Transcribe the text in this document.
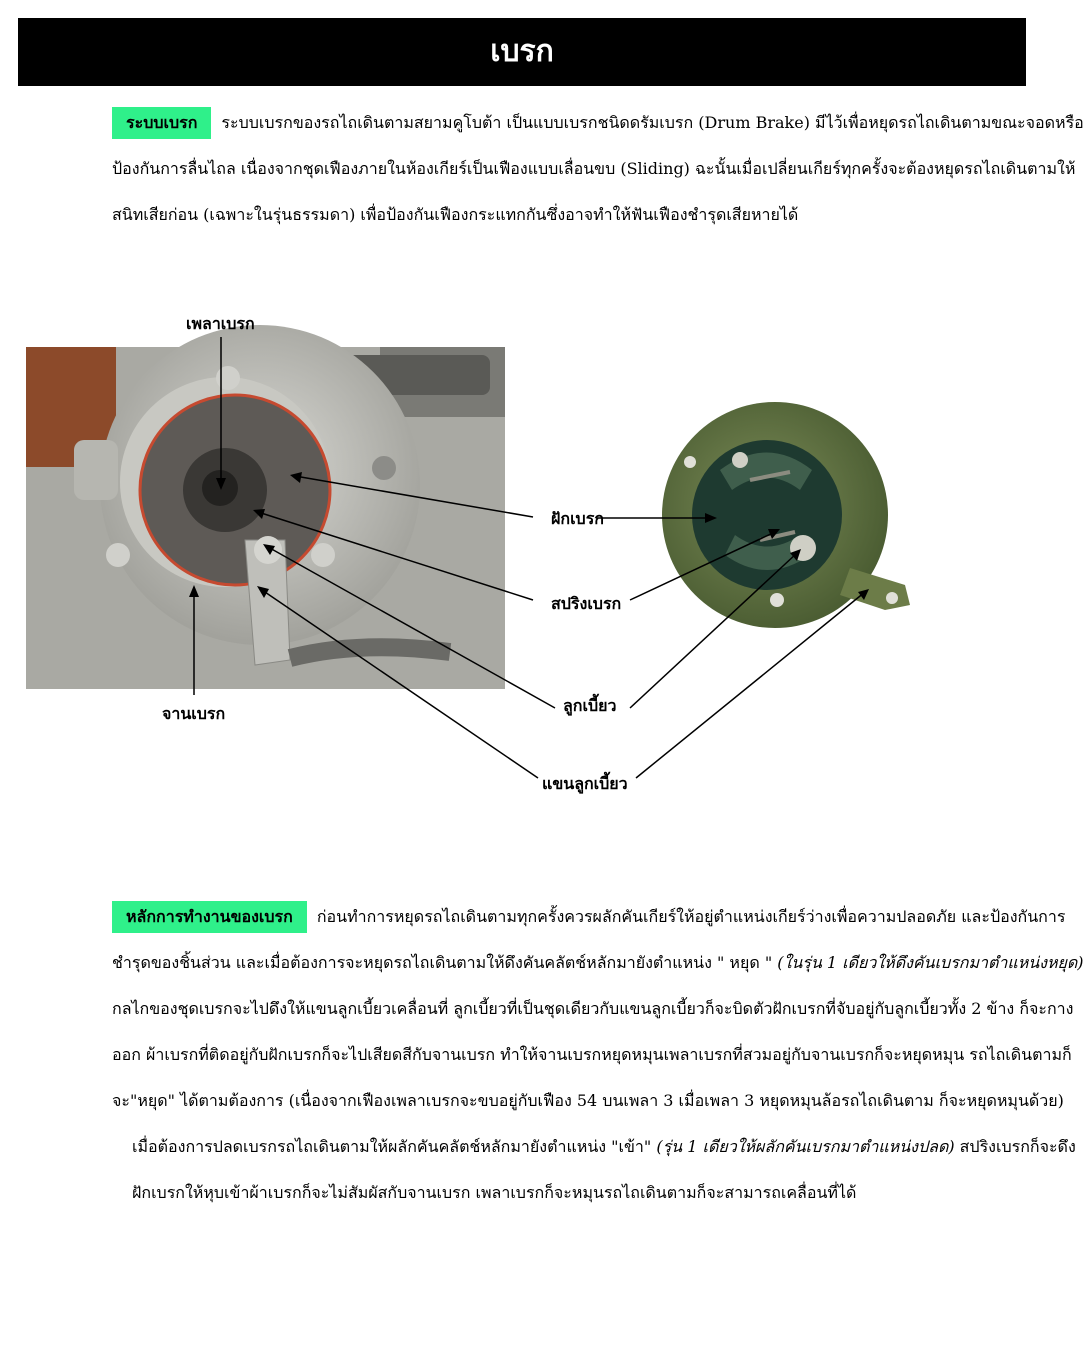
เบรก
ระบบเบรก ระบบเบรกของรถไถเดินตามสยามคูโบต้า เป็นแบบเบรกชนิดดรัมเบรก (Drum Brake) มีไว้เพื่อหยุดรถไถเดินตามขณะจอดหรือป้องกันการลื่นไถล เนื่องจากชุดเฟืองภายในห้องเกียร์เป็นเฟืองแบบเลื่อนขบ (Sliding) ฉะนั้นเมื่อเปลี่ยนเกียร์ทุกครั้งจะต้องหยุดรถไถเดินตามให้สนิทเสียก่อน (เฉพาะในรุ่นธรรมดา) เพื่อป้องกันเฟืองกระแทกกันซึ่งอาจทำให้ฟันเฟืองชำรุดเสียหายได้
เพลาเบรก
จานเบรก
ฝักเบรก
สปริงเบรก
ลูกเบี้ยว
แขนลูกเบี้ยว
หลักการทำงานของเบรก ก่อนทำการหยุดรถไถเดินตามทุกครั้งควรผลักคันเกียร์ให้อยู่ตำแหน่งเกียร์ว่างเพื่อความปลอดภัย และป้องกันการชำรุดของชิ้นส่วน และเมื่อต้องการจะหยุดรถไถเดินตามให้ดึงคันคลัตช์หลักมายังตำแหน่ง " หยุด " (ในรุ่น 1 เดียวให้ดึงคันเบรกมาตำแหน่งหยุด) กลไกของชุดเบรกจะไปดึงให้แขนลูกเบี้ยวเคลื่อนที่ ลูกเบี้ยวที่เป็นชุดเดียวกับแขนลูกเบี้ยวก็จะบิดตัวฝักเบรกที่จับอยู่กับลูกเบี้ยวทั้ง 2 ข้าง ก็จะกางออก ผ้าเบรกที่ติดอยู่กับฝักเบรกก็จะไปเสียดสีกับจานเบรก ทำให้จานเบรกหยุดหมุนเพลาเบรกที่สวมอยู่กับจานเบรกก็จะหยุดหมุน รถไถเดินตามก็จะ"หยุด" ได้ตามต้องการ (เนื่องจากเฟืองเพลาเบรกจะขบอยู่กับเฟือง 54 บนเพลา 3 เมื่อเพลา 3 หยุดหมุนล้อรถไถเดินตาม ก็จะหยุดหมุนด้วย)
เมื่อต้องการปลดเบรกรถไถเดินตามให้ผลักคันคลัตช์หลักมายังตำแหน่ง "เข้า" (รุ่น 1 เดียวให้ผลักคันเบรกมาตำแหน่งปลด) สปริงเบรกก็จะดึงฝักเบรกให้หุบเข้าผ้าเบรกก็จะไม่สัมผัสกับจานเบรก เพลาเบรกก็จะหมุนรถไถเดินตามก็จะสามารถเคลื่อนที่ได้
